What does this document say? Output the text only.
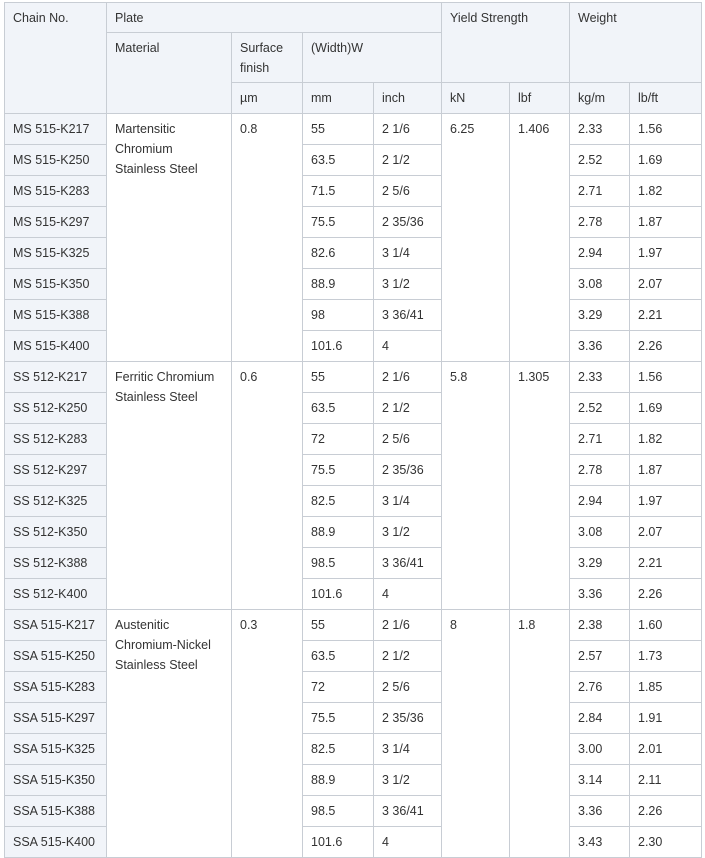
Chain No.	Plate				Yield Strength		Weight	
	Material	Surface finish	(Width)W					
		µm	mm	inch	kN	lbf	kg/m	lb/ft
MS 515-K217	Martensitic Chromium Stainless Steel	0.8	55	2 1/6	6.25	1.406	2.33	1.56
MS 515-K250			63.5	2 1/2			2.52	1.69
MS 515-K283			71.5	2 5/6			2.71	1.82
MS 515-K297			75.5	2 35/36			2.78	1.87
MS 515-K325			82.6	3 1/4			2.94	1.97
MS 515-K350			88.9	3 1/2			3.08	2.07
MS 515-K388			98	3 36/41			3.29	2.21
MS 515-K400			101.6	4			3.36	2.26
SS 512-K217	Ferritic Chromium Stainless Steel	0.6	55	2 1/6	5.8	1.305	2.33	1.56
SS 512-K250			63.5	2 1/2			2.52	1.69
SS 512-K283			72	2 5/6			2.71	1.82
SS 512-K297			75.5	2 35/36			2.78	1.87
SS 512-K325			82.5	3 1/4			2.94	1.97
SS 512-K350			88.9	3 1/2			3.08	2.07
SS 512-K388			98.5	3 36/41			3.29	2.21
SS 512-K400			101.6	4			3.36	2.26
SSA 515-K217	Austenitic Chromium-Nickel Stainless Steel	0.3	55	2 1/6	8	1.8	2.38	1.60
SSA 515-K250			63.5	2 1/2			2.57	1.73
SSA 515-K283			72	2 5/6			2.76	1.85
SSA 515-K297			75.5	2 35/36			2.84	1.91
SSA 515-K325			82.5	3 1/4			3.00	2.01
SSA 515-K350			88.9	3 1/2			3.14	2.11
SSA 515-K388			98.5	3 36/41			3.36	2.26
SSA 515-K400			101.6	4			3.43	2.30
